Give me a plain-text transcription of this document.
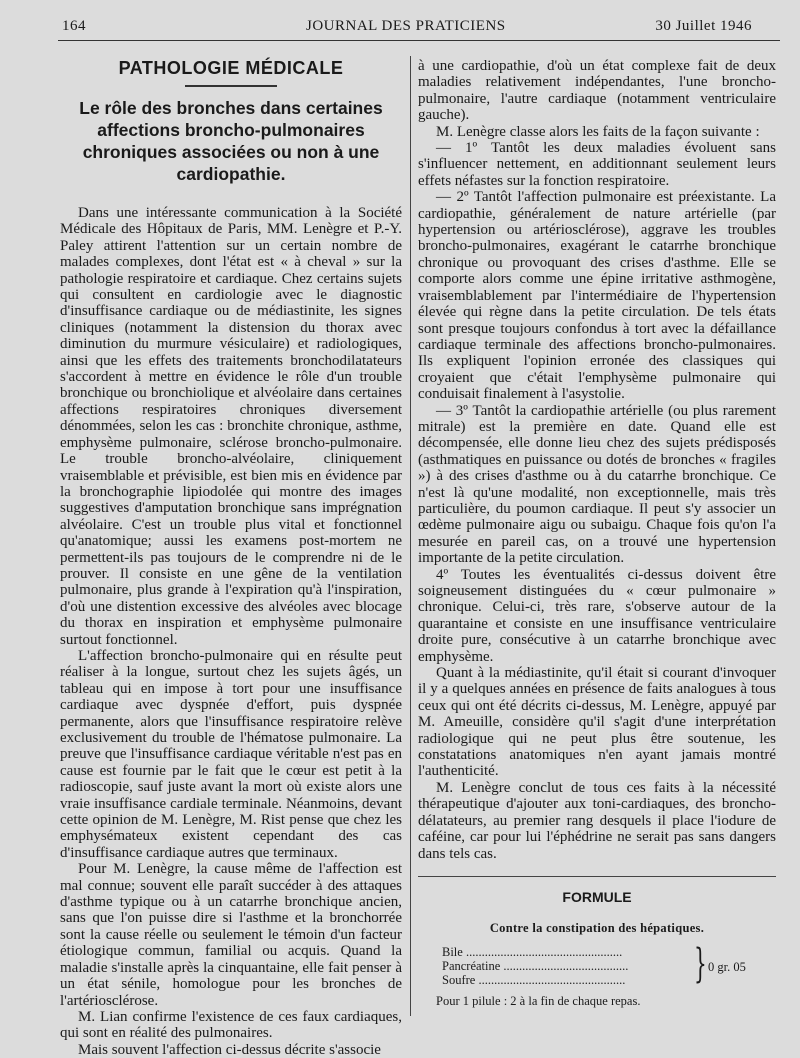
164	JOURNAL DES PRATICIENS	30 Juillet 1946
PATHOLOGIE MÉDICALE
Le rôle des bronches dans certaines affections broncho-pulmonaires chroniques associées ou non à une cardiopathie.

Dans une intéressante communication à la Société Médicale des Hôpitaux de Paris, MM. Lenègre et P.-Y. Paley attirent l'attention sur un certain nombre de malades complexes, dont l'état est « à cheval » sur la pathologie respiratoire et cardiaque. Chez certains sujets qui consultent en cardiologie avec le diagnostic d'insuffisance cardiaque ou de médiastinite, les signes cliniques (notamment la distension du thorax avec diminution du murmure vésiculaire) et radiologiques, ainsi que les effets des traitements bronchodilatateurs s'accordent à mettre en évidence le rôle d'un trouble bronchique ou bronchiolique et alvéolaire dans certaines affections respiratoires chroniques diversement dénommées, selon les cas : bronchite chronique, asthme, emphysème pulmonaire, sclérose broncho-pulmonaire. Le trouble broncho-alvéolaire, cliniquement vraisemblable et prévisible, est bien mis en évidence par la bronchographie lipiodolée qui montre des images suggestives d'amputation bronchique sans imprégnation alvéolaire. C'est un trouble plus vital et fonctionnel qu'anatomique; aussi les examens post-mortem ne permettent-ils pas toujours de le comprendre ni de le prouver. Il consiste en une gêne de la ventilation pulmonaire, plus grande à l'expiration qu'à l'inspiration, d'où une distention excessive des alvéoles avec blocage du thorax en inspiration et emphysème pulmonaire surtout fonctionnel.

L'affection broncho-pulmonaire qui en résulte peut réaliser à la longue, surtout chez les sujets âgés, un tableau qui en impose à tort pour une insuffisance cardiaque avec dyspnée d'effort, puis dyspnée permanente, alors que l'insuffisance respiratoire relève exclusivement du trouble de l'hématose pulmonaire. La preuve que l'insuffisance cardiaque véritable n'est pas en cause est fournie par le fait que le cœur est petit à la radioscopie, sauf juste avant la mort où existe alors une vraie insuffisance cardiale terminale. Néanmoins, devant cette opinion de M. Lenègre, M. Rist pense que chez les emphysémateux existent cependant des cas d'insuffisance cardiaque autres que terminaux.

Pour M. Lenègre, la cause même de l'affection est mal connue; souvent elle paraît succéder à des attaques d'asthme typique ou à un catarrhe bronchique ancien, sans que l'on puisse dire si l'asthme et la bronchorrée sont la cause réelle ou seulement le témoin d'un facteur étiologique commun, familial ou acquis. Quand la maladie s'installe après la cinquantaine, elle fait penser à un état sénile, homologue pour les bronches de l'artériosclérose.

M. Lian confirme l'existence de ces faux cardiaques, qui sont en réalité des pulmonaires.

Mais souvent l'affection ci-dessus décrite s'associe

à une cardiopathie, d'où un état complexe fait de deux maladies relativement indépendantes, l'une broncho-pulmonaire, l'autre cardiaque (notamment ventriculaire gauche).

M. Lenègre classe alors les faits de la façon suivante :

— 1º Tantôt les deux maladies évoluent sans s'influencer nettement, en additionnant seulement leurs effets néfastes sur la fonction respiratoire.

— 2º Tantôt l'affection pulmonaire est préexistante. La cardiopathie, généralement de nature artérielle (par hypertension ou artériosclérose), aggrave les troubles broncho-pulmonaires, exagérant le catarrhe bronchique chronique ou provoquant des crises d'asthme. Elle se comporte alors comme une épine irritative asthmogène, vraisemblablement par l'intermédiaire de l'hypertension élevée qui règne dans la petite circulation. De tels états sont presque toujours confondus à tort avec la défaillance cardiaque terminale des affections broncho-pulmonaires. Ils expliquent l'opinion erronée des classiques qui croyaient que c'était l'emphysème pulmonaire qui conduisait finalement à l'asystolie.

— 3º Tantôt la cardiopathie artérielle (ou plus rarement mitrale) est la première en date. Quand elle est décompensée, elle donne lieu chez des sujets prédisposés (asthmatiques en puissance ou dotés de bronches « fragiles ») à des crises d'asthme ou à du catarrhe bronchique. Ce n'est là qu'une modalité, non exceptionnelle, mais très particulière, du poumon cardiaque. Il peut s'y associer un œdème pulmonaire aigu ou subaigu. Chaque fois qu'on l'a mesurée en pareil cas, on a trouvé une hypertension importante de la petite circulation.

4º Toutes les éventualités ci-dessus doivent être soigneusement distinguées du « cœur pulmonaire » chronique. Celui-ci, très rare, s'observe autour de la quarantaine et consiste en une insuffisance ventriculaire droite pure, consécutive à un catarrhe bronchique avec emphysème.

Quant à la médiastinite, qu'il était si courant d'invoquer il y a quelques années en présence de faits analogues à tous ceux qui ont été décrits ci-dessus, M. Lenègre, appuyé par M. Ameuille, considère qu'il s'agit d'une interprétation radiologique qui ne peut plus être soutenue, les constatations anatomiques n'en ayant jamais montré l'authenticité.

M. Lenègre conclut de tous ces faits à la nécessité thérapeutique d'ajouter aux toni-cardiaques, des broncho-délatateurs, au premier rang desquels il place l'iodure de caféine, car pour lui l'éphédrine ne serait pas sans dangers dans tels cas.

FORMULE
Contre la constipation des hépatiques.
Bile ..................................................
Pancréatine ........................................
Soufre ...............................................	} 0 gr. 05
Pour 1 pilule : 2 à la fin de chaque repas.
